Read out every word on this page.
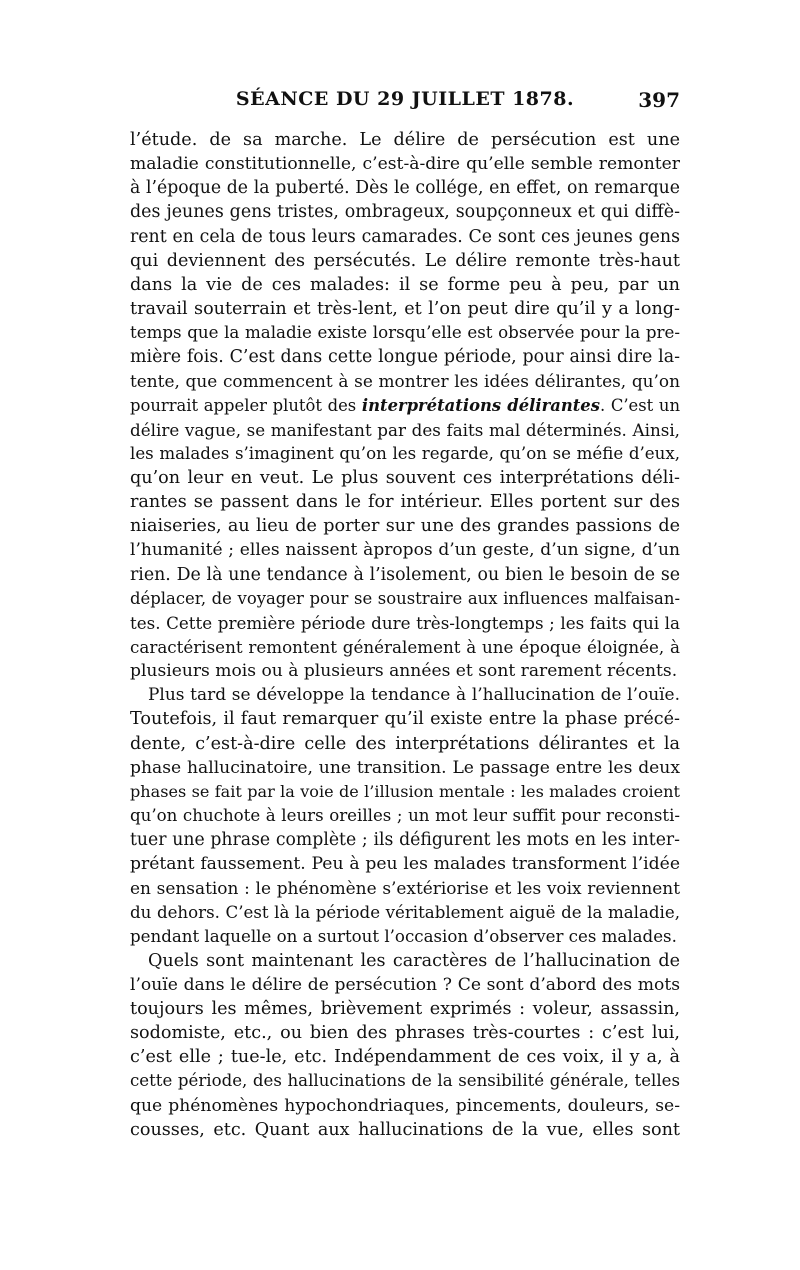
SÉANCE DU 29 JUILLET 1878.	397
l’étude. de sa marche. Le délire de persécution est une
maladie constitutionnelle, c’est-à-dire qu’elle semble remonter
à l’époque de la puberté. Dès le collége, en effet, on remarque
des jeunes gens tristes, ombrageux, soupçonneux et qui diffè-
rent en cela de tous leurs camarades. Ce sont ces jeunes gens
qui deviennent des persécutés. Le délire remonte très-haut
dans la vie de ces malades: il se forme peu à peu, par un
travail souterrain et très-lent, et l’on peut dire qu’il y a long-
temps que la maladie existe lorsqu’elle est observée pour la pre-
mière fois. C’est dans cette longue période, pour ainsi dire la-
tente, que commencent à se montrer les idées délirantes, qu’on
pourrait appeler plutôt des interprétations délirantes. C’est un
délire vague, se manifestant par des faits mal déterminés. Ainsi,
les malades s’imaginent qu’on les regarde, qu’on se méfie d’eux,
qu’on leur en veut. Le plus souvent ces interprétations déli-
rantes se passent dans le for intérieur. Elles portent sur des
niaiseries, au lieu de porter sur une des grandes passions de
l’humanité ; elles naissent àpropos d’un geste, d’un signe, d’un
rien. De là une tendance à l’isolement, ou bien le besoin de se
déplacer, de voyager pour se soustraire aux influences malfaisan-
tes. Cette première période dure très-longtemps ; les faits qui la
caractérisent remontent généralement à une époque éloignée, à
plusieurs mois ou à plusieurs années et sont rarement récents.
Plus tard se développe la tendance à l’hallucination de l’ouïe.
Toutefois, il faut remarquer qu’il existe entre la phase précé-
dente, c’est-à-dire celle des interprétations délirantes et la
phase hallucinatoire, une transition. Le passage entre les deux
phases se fait par la voie de l’illusion mentale : les malades croient
qu’on chuchote à leurs oreilles ; un mot leur suffit pour reconsti-
tuer une phrase complète ; ils défigurent les mots en les inter-
prétant faussement. Peu à peu les malades transforment l’idée
en sensation : le phénomène s’extériorise et les voix reviennent
du dehors. C’est là la période véritablement aiguë de la maladie,
pendant laquelle on a surtout l’occasion d’observer ces malades.
Quels sont maintenant les caractères de l’hallucination de
l’ouïe dans le délire de persécution ? Ce sont d’abord des mots
toujours les mêmes, brièvement exprimés : voleur, assassin,
sodomiste, etc., ou bien des phrases très-courtes : c’est lui,
c’est elle ; tue-le, etc. Indépendamment de ces voix, il y a, à
cette période, des hallucinations de la sensibilité générale, telles
que phénomènes hypochondriaques, pincements, douleurs, se-
cousses, etc. Quant aux hallucinations de la vue, elles sont
